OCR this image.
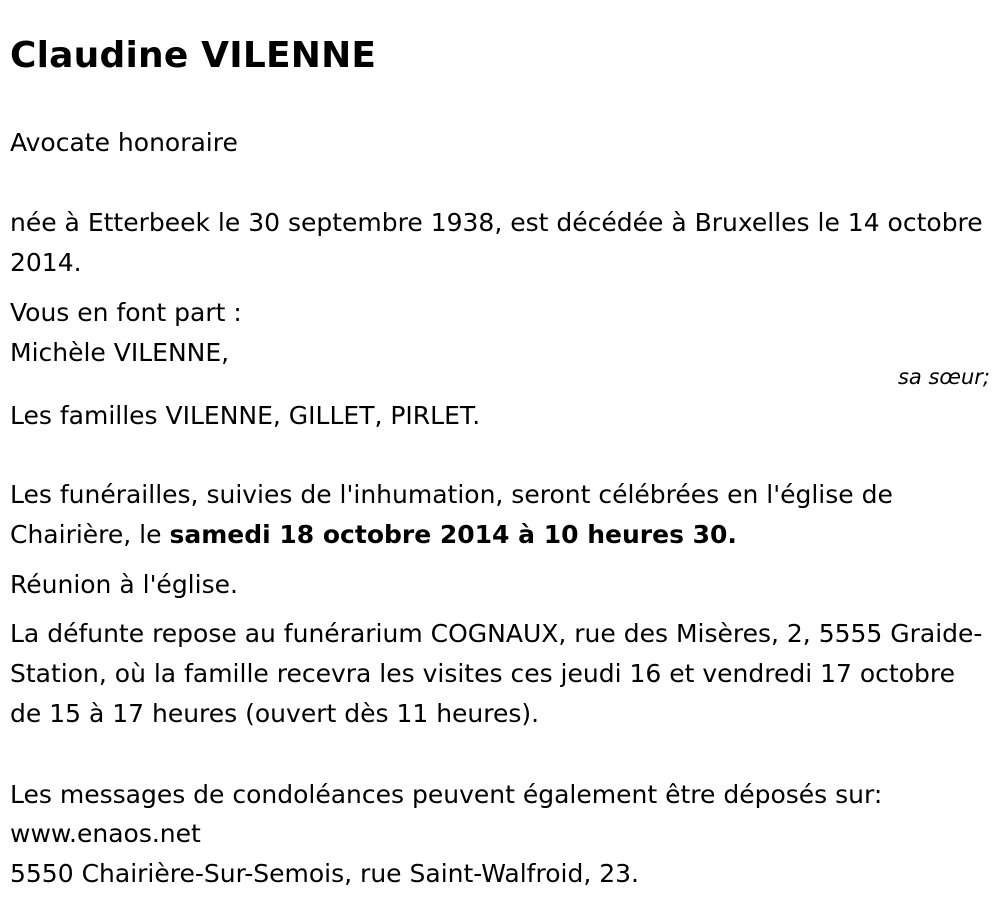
Claudine VILENNE

Avocate honoraire

née à Etterbeek le 30 septembre 1938, est décédée à Bruxelles le 14 octobre 2014.

Vous en font part :

Michèle VILENNE,

sa sœur;

Les familles VILENNE, GILLET, PIRLET.

Les funérailles, suivies de l'inhumation, seront célébrées en l'église de Chairière, le samedi 18 octobre 2014 à 10 heures 30.

Réunion à l'église.

La défunte repose au funérarium COGNAUX, rue des Misères, 2, 5555 Graide-Station, où la famille recevra les visites ces jeudi 16 et vendredi 17 octobre de 15 à 17 heures (ouvert dès 11 heures).

Les messages de condoléances peuvent également être déposés sur:

www.enaos.net

5550 Chairière-Sur-Semois, rue Saint-Walfroid, 23.
